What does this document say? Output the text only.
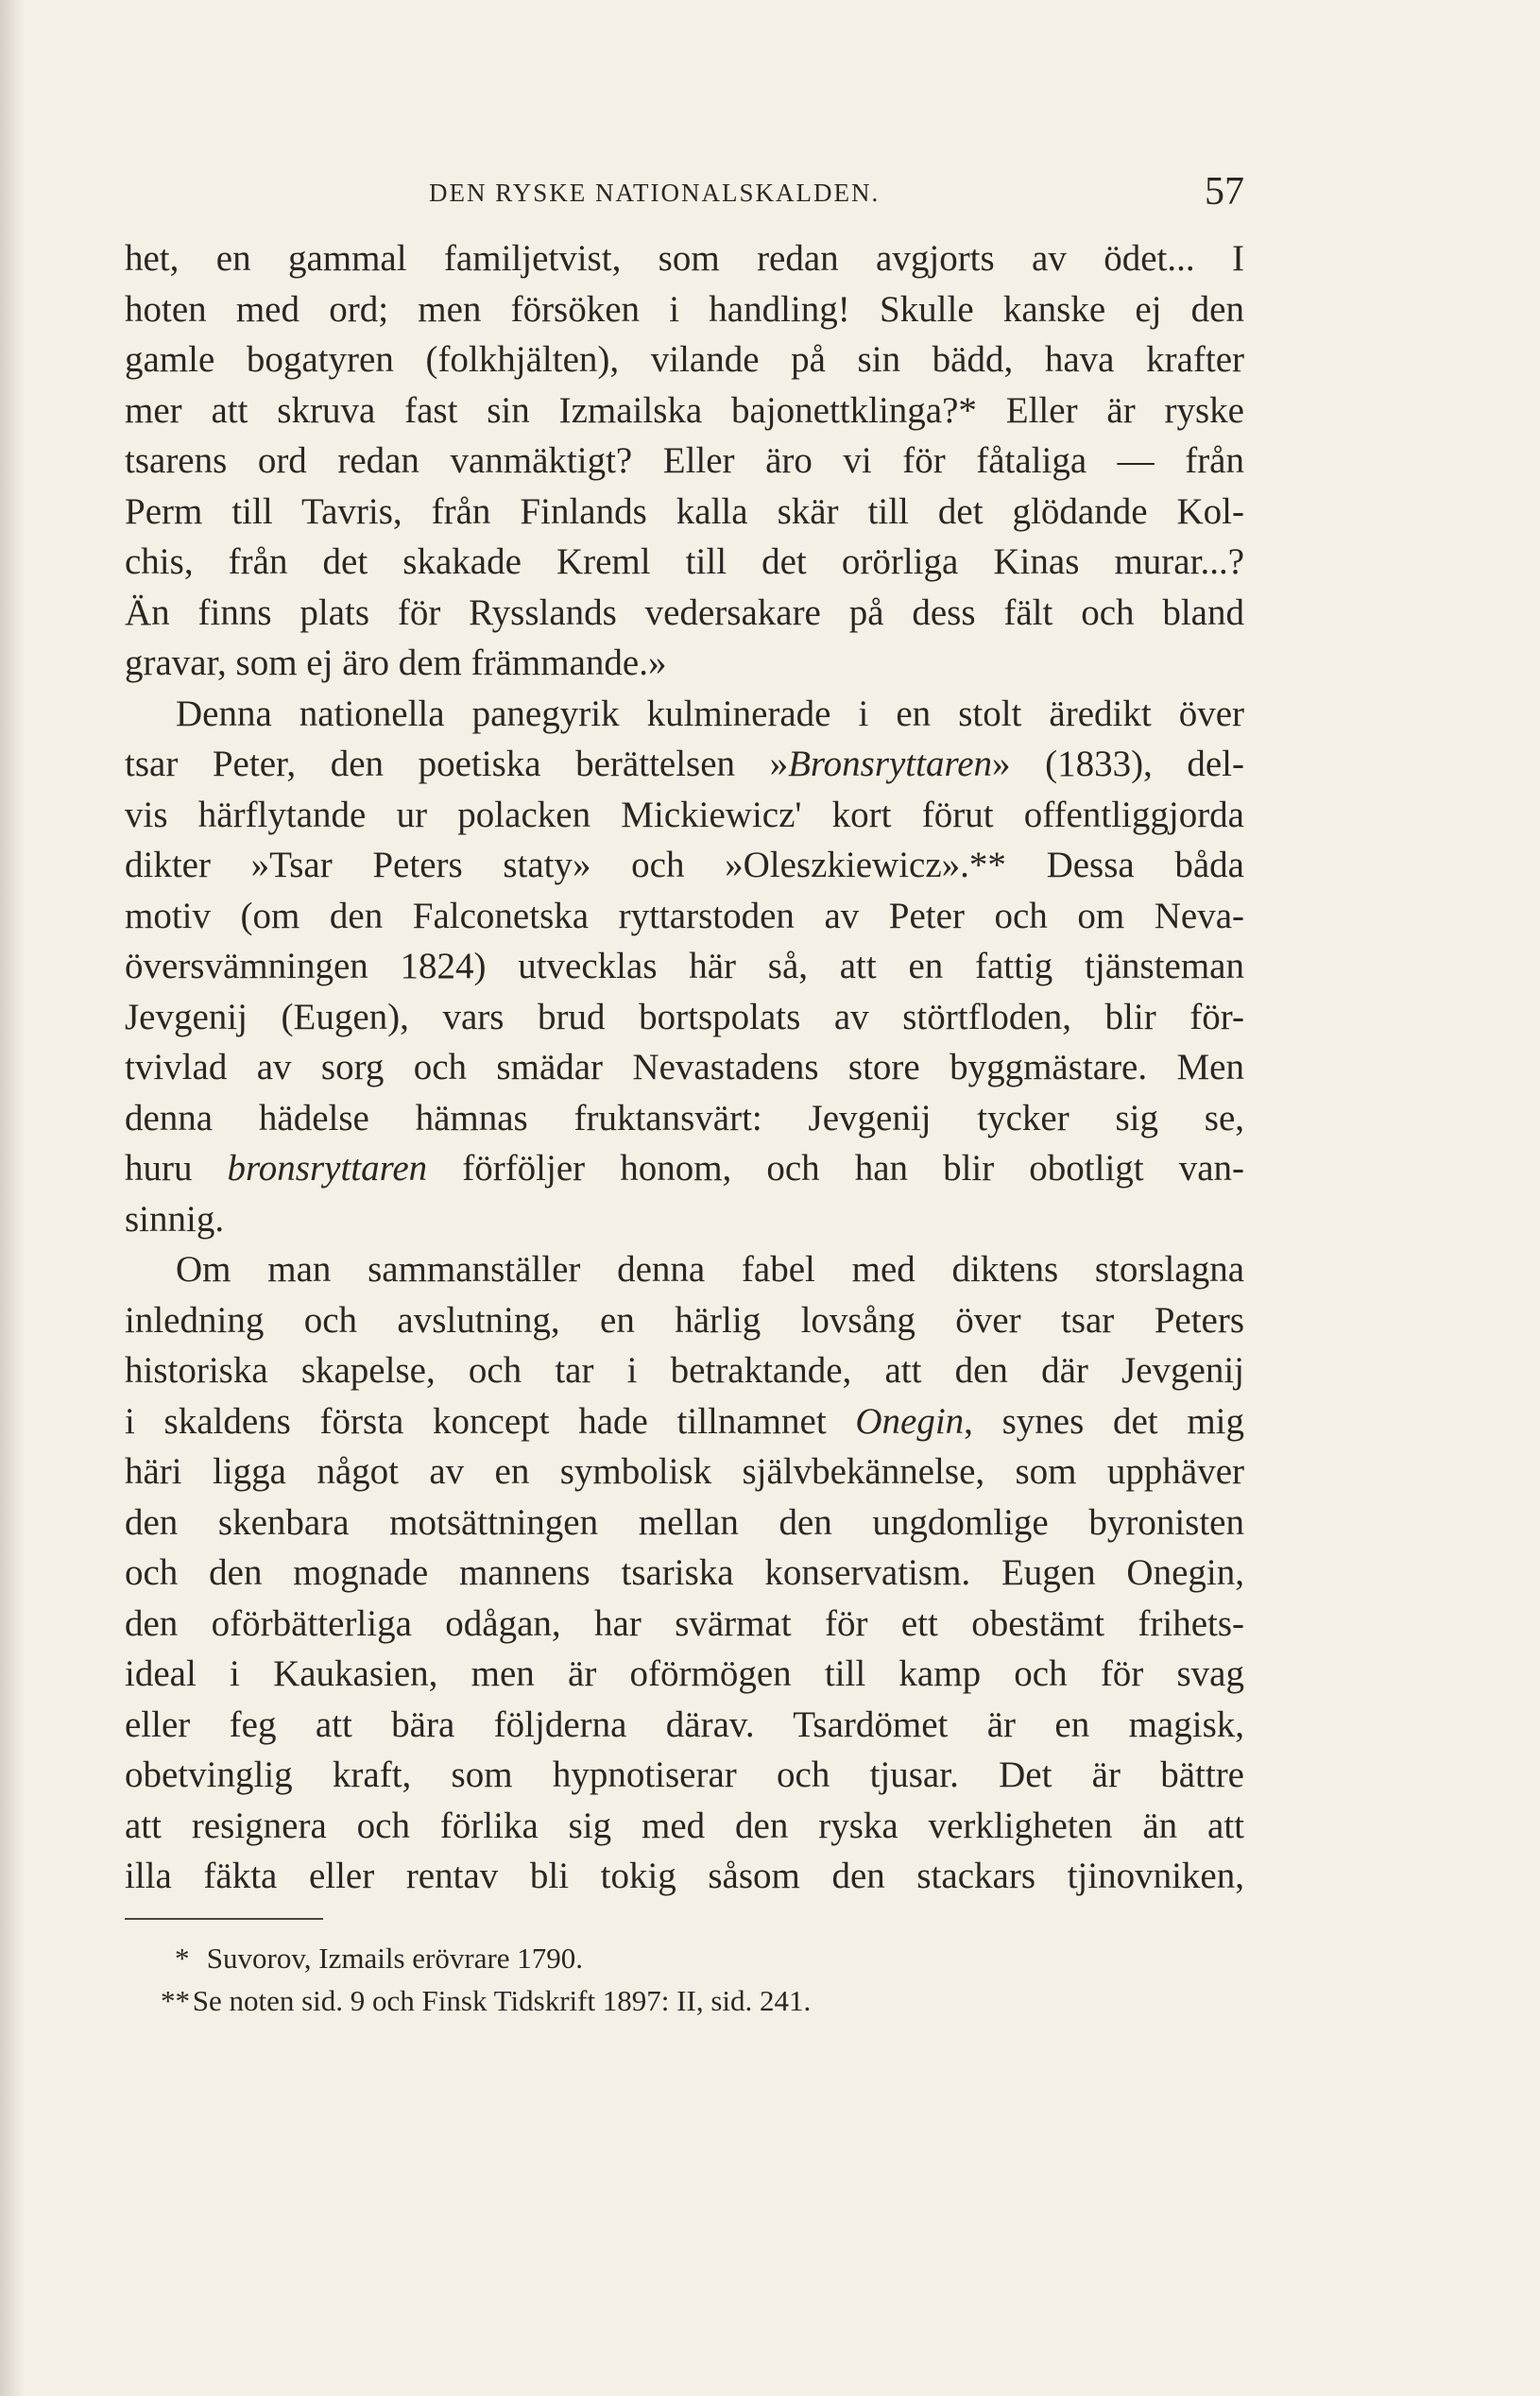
DEN RYSKE NATIONALSKALDEN.	57
het, en gammal familjetvist, som redan avgjorts av ödet... I
hoten med ord; men försöken i handling! Skulle kanske ej den
gamle bogatyren (folkhjälten), vilande på sin bädd, hava krafter
mer att skruva fast sin Izmailska bajonettklinga?* Eller är ryske
tsarens ord redan vanmäktigt? Eller äro vi för fåtaliga — från
Perm till Tavris, från Finlands kalla skär till det glödande Kol-
chis, från det skakade Kreml till det orörliga Kinas murar...?
Än finns plats för Rysslands vedersakare på dess fält och bland
gravar, som ej äro dem främmande.»
Denna nationella panegyrik kulminerade i en stolt äredikt över
tsar Peter, den poetiska berättelsen »Bronsryttaren» (1833), del-
vis härflytande ur polacken Mickiewicz' kort förut offentliggjorda
dikter »Tsar Peters staty» och »Oleszkiewicz».** Dessa båda
motiv (om den Falconetska ryttarstoden av Peter och om Neva-
översvämningen 1824) utvecklas här så, att en fattig tjänsteman
Jevgenij (Eugen), vars brud bortspolats av störtfloden, blir för-
tvivlad av sorg och smädar Nevastadens store byggmästare. Men
denna hädelse hämnas fruktansvärt: Jevgenij tycker sig se,
huru bronsryttaren förföljer honom, och han blir obotligt van-
sinnig.
Om man sammanställer denna fabel med diktens storslagna
inledning och avslutning, en härlig lovsång över tsar Peters
historiska skapelse, och tar i betraktande, att den där Jevgenij
i skaldens första koncept hade tillnamnet Onegin, synes det mig
häri ligga något av en symbolisk självbekännelse, som upphäver
den skenbara motsättningen mellan den ungdomlige byronisten
och den mognade mannens tsariska konservatism. Eugen Onegin,
den oförbätterliga odågan, har svärmat för ett obestämt frihets-
ideal i Kaukasien, men är oförmögen till kamp och för svag
eller feg att bära följderna därav. Tsardömet är en magisk,
obetvinglig kraft, som hypnotiserar och tjusar. Det är bättre
att resignera och förlika sig med den ryska verkligheten än att
illa fäkta eller rentav bli tokig såsom den stackars tjinovniken,
* Suvorov, Izmails erövrare 1790.
** Se noten sid. 9 och Finsk Tidskrift 1897: II, sid. 241.
